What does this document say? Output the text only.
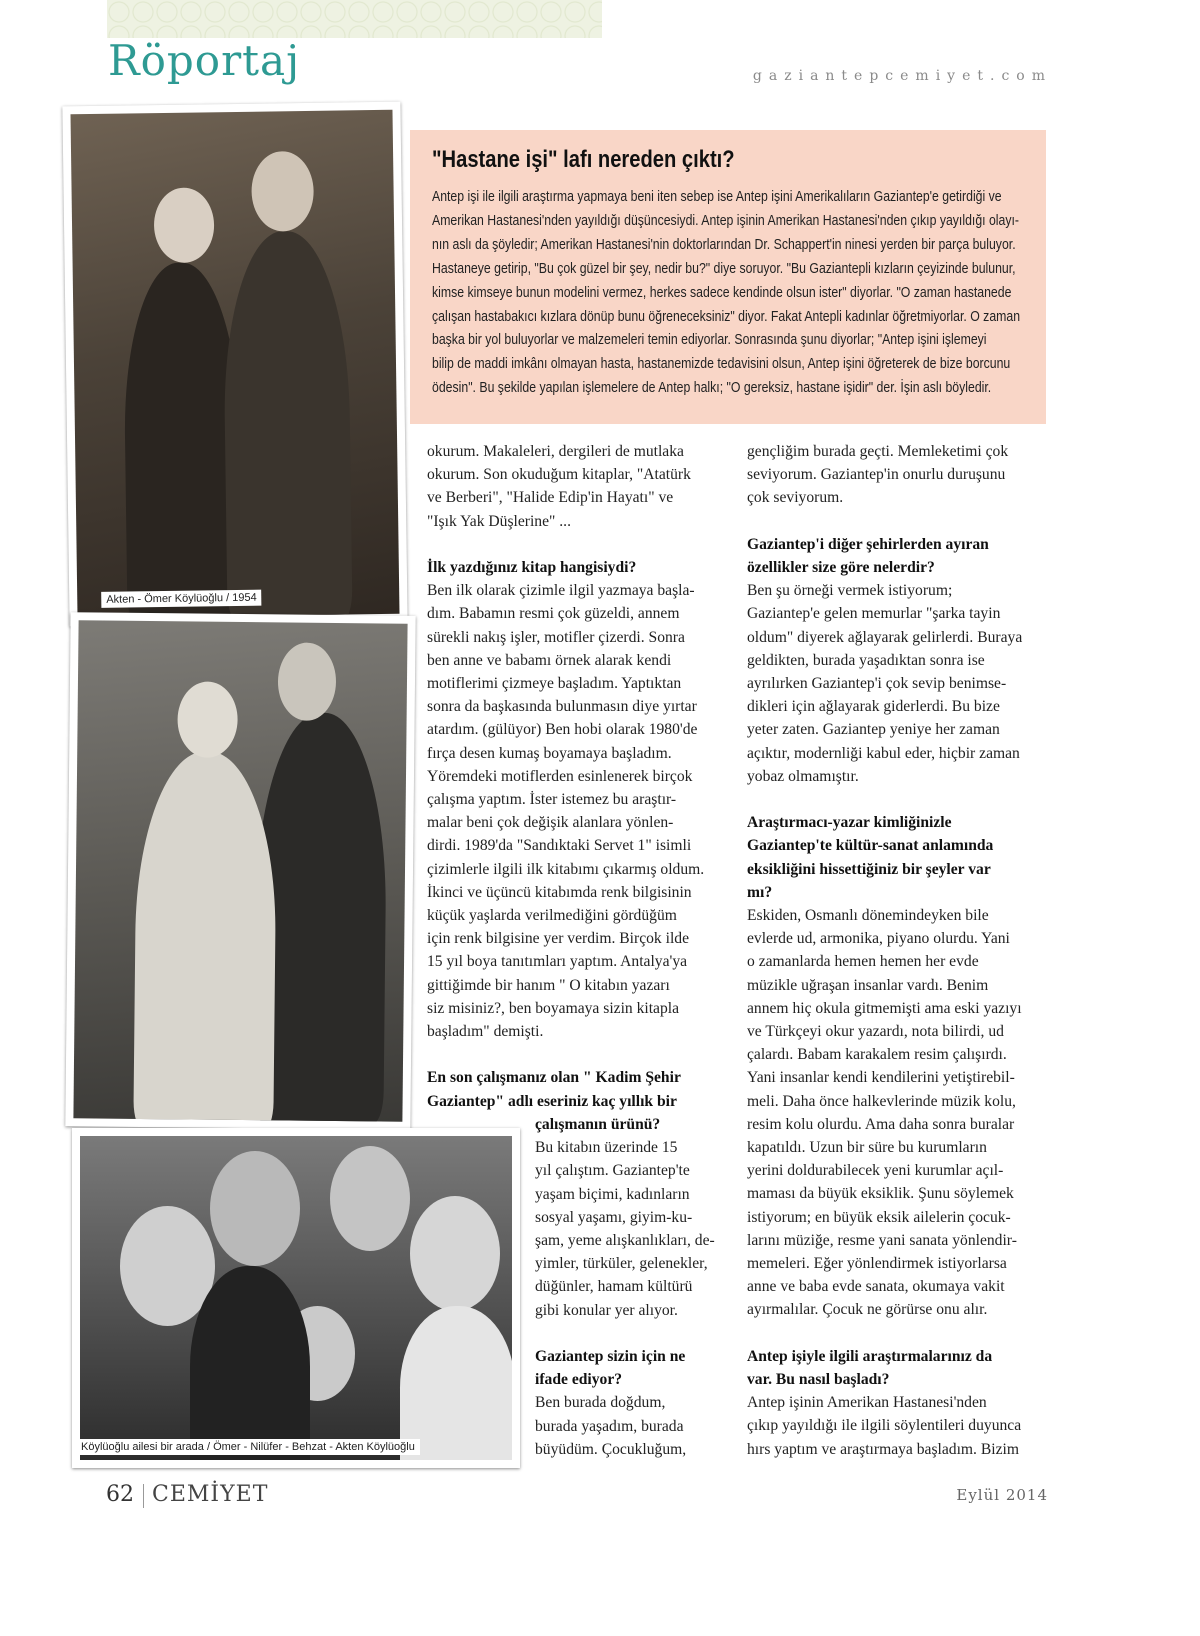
Röportaj	gaziantepcemiyet.com
Akten - Ömer Köylüoğlu / 1954
Köylüoğlu ailesi bir arada / Ömer - Nilüfer - Behzat - Akten Köylüoğlu
"Hastane işi" lafı nereden çıktı?
Antep işi ile ilgili araştırma yapmaya beni iten sebep ise Antep işini Amerikalıların Gaziantep'e getirdiği ve
Amerikan Hastanesi'nden yayıldığı düşüncesiydi. Antep işinin Amerikan Hastanesi'nden çıkıp yayıldığı olayı-
nın aslı da şöyledir; Amerikan Hastanesi'nin doktorlarından Dr. Schappert'in ninesi yerden bir parça buluyor.
Hastaneye getirip, "Bu çok güzel bir şey, nedir bu?" diye soruyor. "Bu Gaziantepli kızların çeyizinde bulunur,
kimse kimseye bunun modelini vermez, herkes sadece kendinde olsun ister" diyorlar. "O zaman hastanede
çalışan hastabakıcı kızlara dönüp bunu öğreneceksiniz" diyor. Fakat Antepli kadınlar öğretmiyorlar. O zaman
başka bir yol buluyorlar ve malzemeleri temin ediyorlar. Sonrasında şunu diyorlar; "Antep işini işlemeyi
bilip de maddi imkânı olmayan hasta, hastanemizde tedavisini olsun, Antep işini öğreterek de bize borcunu
ödesin". Bu şekilde yapılan işlemelere de Antep halkı; "O gereksiz, hastane işidir" der. İşin aslı böyledir.

okurum. Makaleleri, dergileri de mutlaka

okurum. Son okuduğum kitaplar, "Atatürk

ve Berberi", "Halide Edip'in Hayatı" ve

"Işık Yak Düşlerine" ...

İlk yazdığınız kitap hangisiydi?

Ben ilk olarak çizimle ilgil yazmaya başla-

dım. Babamın resmi çok güzeldi, annem

sürekli nakış işler, motifler çizerdi. Sonra

ben anne ve babamı örnek alarak kendi

motiflerimi çizmeye başladım. Yaptıktan

sonra da başkasında bulunmasın diye yırtar

atardım. (gülüyor) Ben hobi olarak 1980'de

fırça desen kumaş boyamaya başladım.

Yöremdeki motiflerden esinlenerek birçok

çalışma yaptım. İster istemez bu araştır-

malar beni çok değişik alanlara yönlen-

dirdi. 1989'da "Sandıktaki Servet 1" isimli

çizimlerle ilgili ilk kitabımı çıkarmış oldum.

İkinci ve üçüncü kitabımda renk bilgisinin

küçük yaşlarda verilmediğini gördüğüm

için renk bilgisine yer verdim. Birçok ilde

15 yıl boya tanıtımları yaptım. Antalya'ya

gittiğimde bir hanım " O kitabın yazarı

siz misiniz?, ben boyamaya sizin kitapla

başladım" demişti.

En son çalışmanız olan " Kadim Şehir

Gaziantep" adlı eseriniz kaç yıllık bir

çalışmanın ürünü?

Bu kitabın üzerinde 15

yıl çalıştım. Gaziantep'te

yaşam biçimi, kadınların

sosyal yaşamı, giyim-ku-

şam, yeme alışkanlıkları, de-

yimler, türküler, gelenekler,

düğünler, hamam kültürü

gibi konular yer alıyor.

Gaziantep sizin için ne

ifade ediyor?

Ben burada doğdum,

burada yaşadım, burada

büyüdüm. Çocukluğum,

gençliğim burada geçti. Memleketimi çok

seviyorum. Gaziantep'in onurlu duruşunu

çok seviyorum.

Gaziantep'i diğer şehirlerden ayıran

özellikler size göre nelerdir?

Ben şu örneği vermek istiyorum;

Gaziantep'e gelen memurlar "şarka tayin

oldum" diyerek ağlayarak gelirlerdi. Buraya

geldikten, burada yaşadıktan sonra ise

ayrılırken Gaziantep'i çok sevip benimse-

dikleri için ağlayarak giderlerdi. Bu bize

yeter zaten. Gaziantep yeniye her zaman

açıktır, modernliği kabul eder, hiçbir zaman

yobaz olmamıştır.

Araştırmacı-yazar kimliğinizle

Gaziantep'te kültür-sanat anlamında

eksikliğini hissettiğiniz bir şeyler var

mı?

Eskiden, Osmanlı dönemindeyken bile

evlerde ud, armonika, piyano olurdu. Yani

o zamanlarda hemen hemen her evde

müzikle uğraşan insanlar vardı. Benim

annem hiç okula gitmemişti ama eski yazıyı

ve Türkçeyi okur yazardı, nota bilirdi, ud

çalardı. Babam karakalem resim çalışırdı.

Yani insanlar kendi kendilerini yetiştirebil-

meli. Daha önce halkevlerinde müzik kolu,

resim kolu olurdu. Ama daha sonra buralar

kapatıldı. Uzun bir süre bu kurumların

yerini doldurabilecek yeni kurumlar açıl-

maması da büyük eksiklik. Şunu söylemek

istiyorum; en büyük eksik ailelerin çocuk-

larını müziğe, resme yani sanata yönlendir-

memeleri. Eğer yönlendirmek istiyorlarsa

anne ve baba evde sanata, okumaya vakit

ayırmalılar. Çocuk ne görürse onu alır.

Antep işiyle ilgili araştırmalarınız da

var. Bu nasıl başladı?

Antep işinin Amerikan Hastanesi'nden

çıkıp yayıldığı ile ilgili söylentileri duyunca

hırs yaptım ve araştırmaya başladım. Bizim

62 CEMİYET	Eylül 2014
